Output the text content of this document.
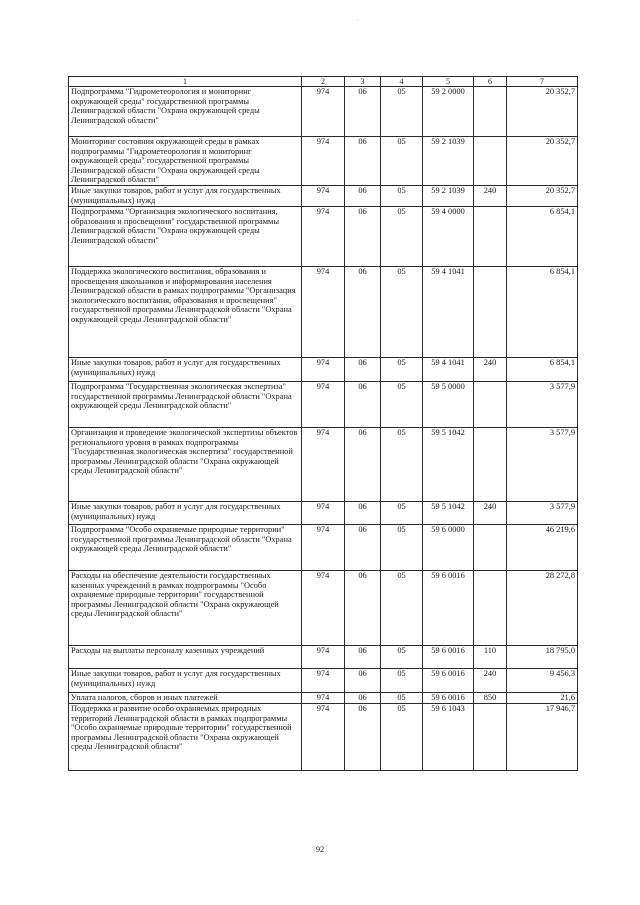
·
1	2	3	4	5	6	7
Подпрограмма "Гидрометеорология и мониторинг окружающей среды" государственной программы Ленинградской области "Охрана окружающей среды Ленинградской области"	974	06	05	59 2 0000		20 352,7
Мониторинг состояния окружающей среды в рамках подпрограммы "Гидрометеорология и мониторинг окружающей среды" государственной программы Ленинградской области "Охрана окружающей среды Ленинградской области"	974	06	05	59 2 1039		20 352,7
Иные закупки товаров, работ и услуг для государственных (муниципальных) нужд	974	06	05	59 2 1039	240	20 352,7
Подпрограмма "Организация экологического воспитания, образования и просвещения" государственной программы Ленинградской области "Охрана окружающей среды Ленинградской области"	974	06	05	59 4 0000		6 854,1
Поддержка экологического воспитания, образования и просвещения школьников и информирования населения Ленинградской области в рамках подпрограммы "Организация экологического воспитания, образования и просвещения" государственной программы Ленинградской области "Охрана окружающей среды Ленинградской области"	974	06	05	59 4 1041		6 854,1
Иные закупки товаров, работ и услуг для государственных (муниципальных) нужд	974	06	05	59 4 1041	240	6 854,1
Подпрограмма "Государственная экологическая экспертиза" государственной программы Ленинградской области "Охрана окружающей среды Ленинградской области"	974	06	05	59 5 0000		3 577,9
Организация и проведение экологической экспертизы объектов регионального уровня в рамках подпрограммы "Государственная экологическая экспертиза" государственной программы Ленинградской области "Охрана окружающей среды Ленинградской области"	974	06	05	59 5 1042		3 577,9
Иные закупки товаров, работ и услуг для государственных (муниципальных) нужд	974	06	05	59 5 1042	240	3 577,9
Подпрограмма "Особо охраняемые природные территории" государственной программы Ленинградской области "Охрана окружающей среды Ленинградской области"	974	06	05	59 6 0000		46 219,6
Расходы на обеспечение деятельности государственных казенных учреждений в рамках подпрограммы "Особо охраняемые природные территории" государственной программы Ленинградской области "Охрана окружающей среды Ленинградской области"	974	06	05	59 6 0016		28 272,8
Расходы на выплаты персоналу казенных учреждений	974	06	05	59 6 0016	110	18 795,0
Иные закупки товаров, работ и услуг для государственных (муниципальных) нужд	974	06	05	59 6 0016	240	9 456,3
Уплата налогов, сборов и иных платежей	974	06	05	59 6 0016	850	21,6
Поддержка и развитие особо охраняемых природных территорий Ленинградской области в рамках подпрограммы "Особо охраняемые природные территории" государственной программы Ленинградской области "Охрана окружающей среды Ленинградской области"	974	06	05	59 6 1043		17 946,7
92
